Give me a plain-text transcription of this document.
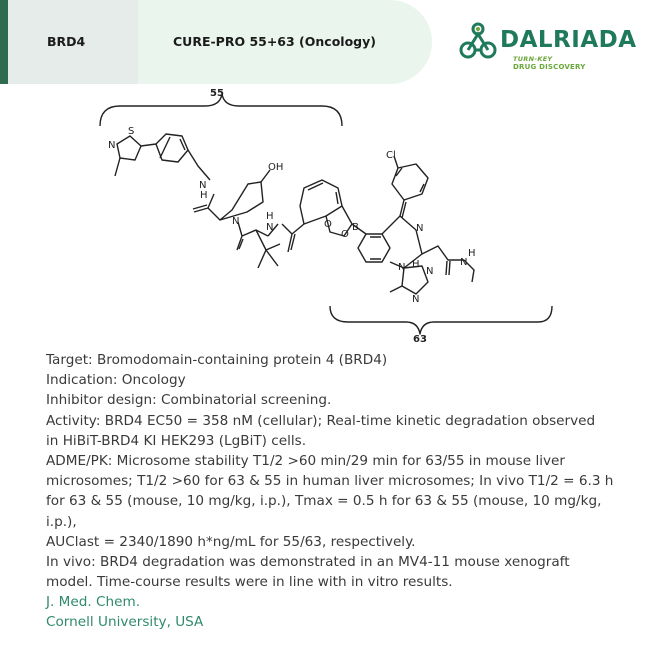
BRD4	CURE-PRO 55+63 (Oncology)	DALRIADA
TURN-KEY
DRUG DISCOVERY
55
63
S
N
N
H
OH
N
N
H
O
O
B
Cl
N
H
N N
N
N
H
Target: Bromodomain-containing protein 4 (BRD4)
Indication: Oncology
Inhibitor design: Combinatorial screening.
Activity: BRD4 EC50 = 358 nM (cellular); Real-time kinetic degradation observed
in HiBiT-BRD4 KI HEK293 (LgBiT) cells.
ADME/PK: Microsome stability T1/2 >60 min/29 min for 63/55 in mouse liver
microsomes; T1/2 >60 for 63 & 55 in human liver microsomes; In vivo T1/2 = 6.3 h
for 63 & 55 (mouse, 10 mg/kg, i.p.), Tmax = 0.5 h for 63 & 55 (mouse, 10 mg/kg, i.p.),
AUClast = 2340/1890 h*ng/mL for 55/63, respectively.
In vivo: BRD4 degradation was demonstrated in an MV4-11 mouse xenograft
model. Time-course results were in line with in vitro results.
J. Med. Chem.
Cornell University, USA
